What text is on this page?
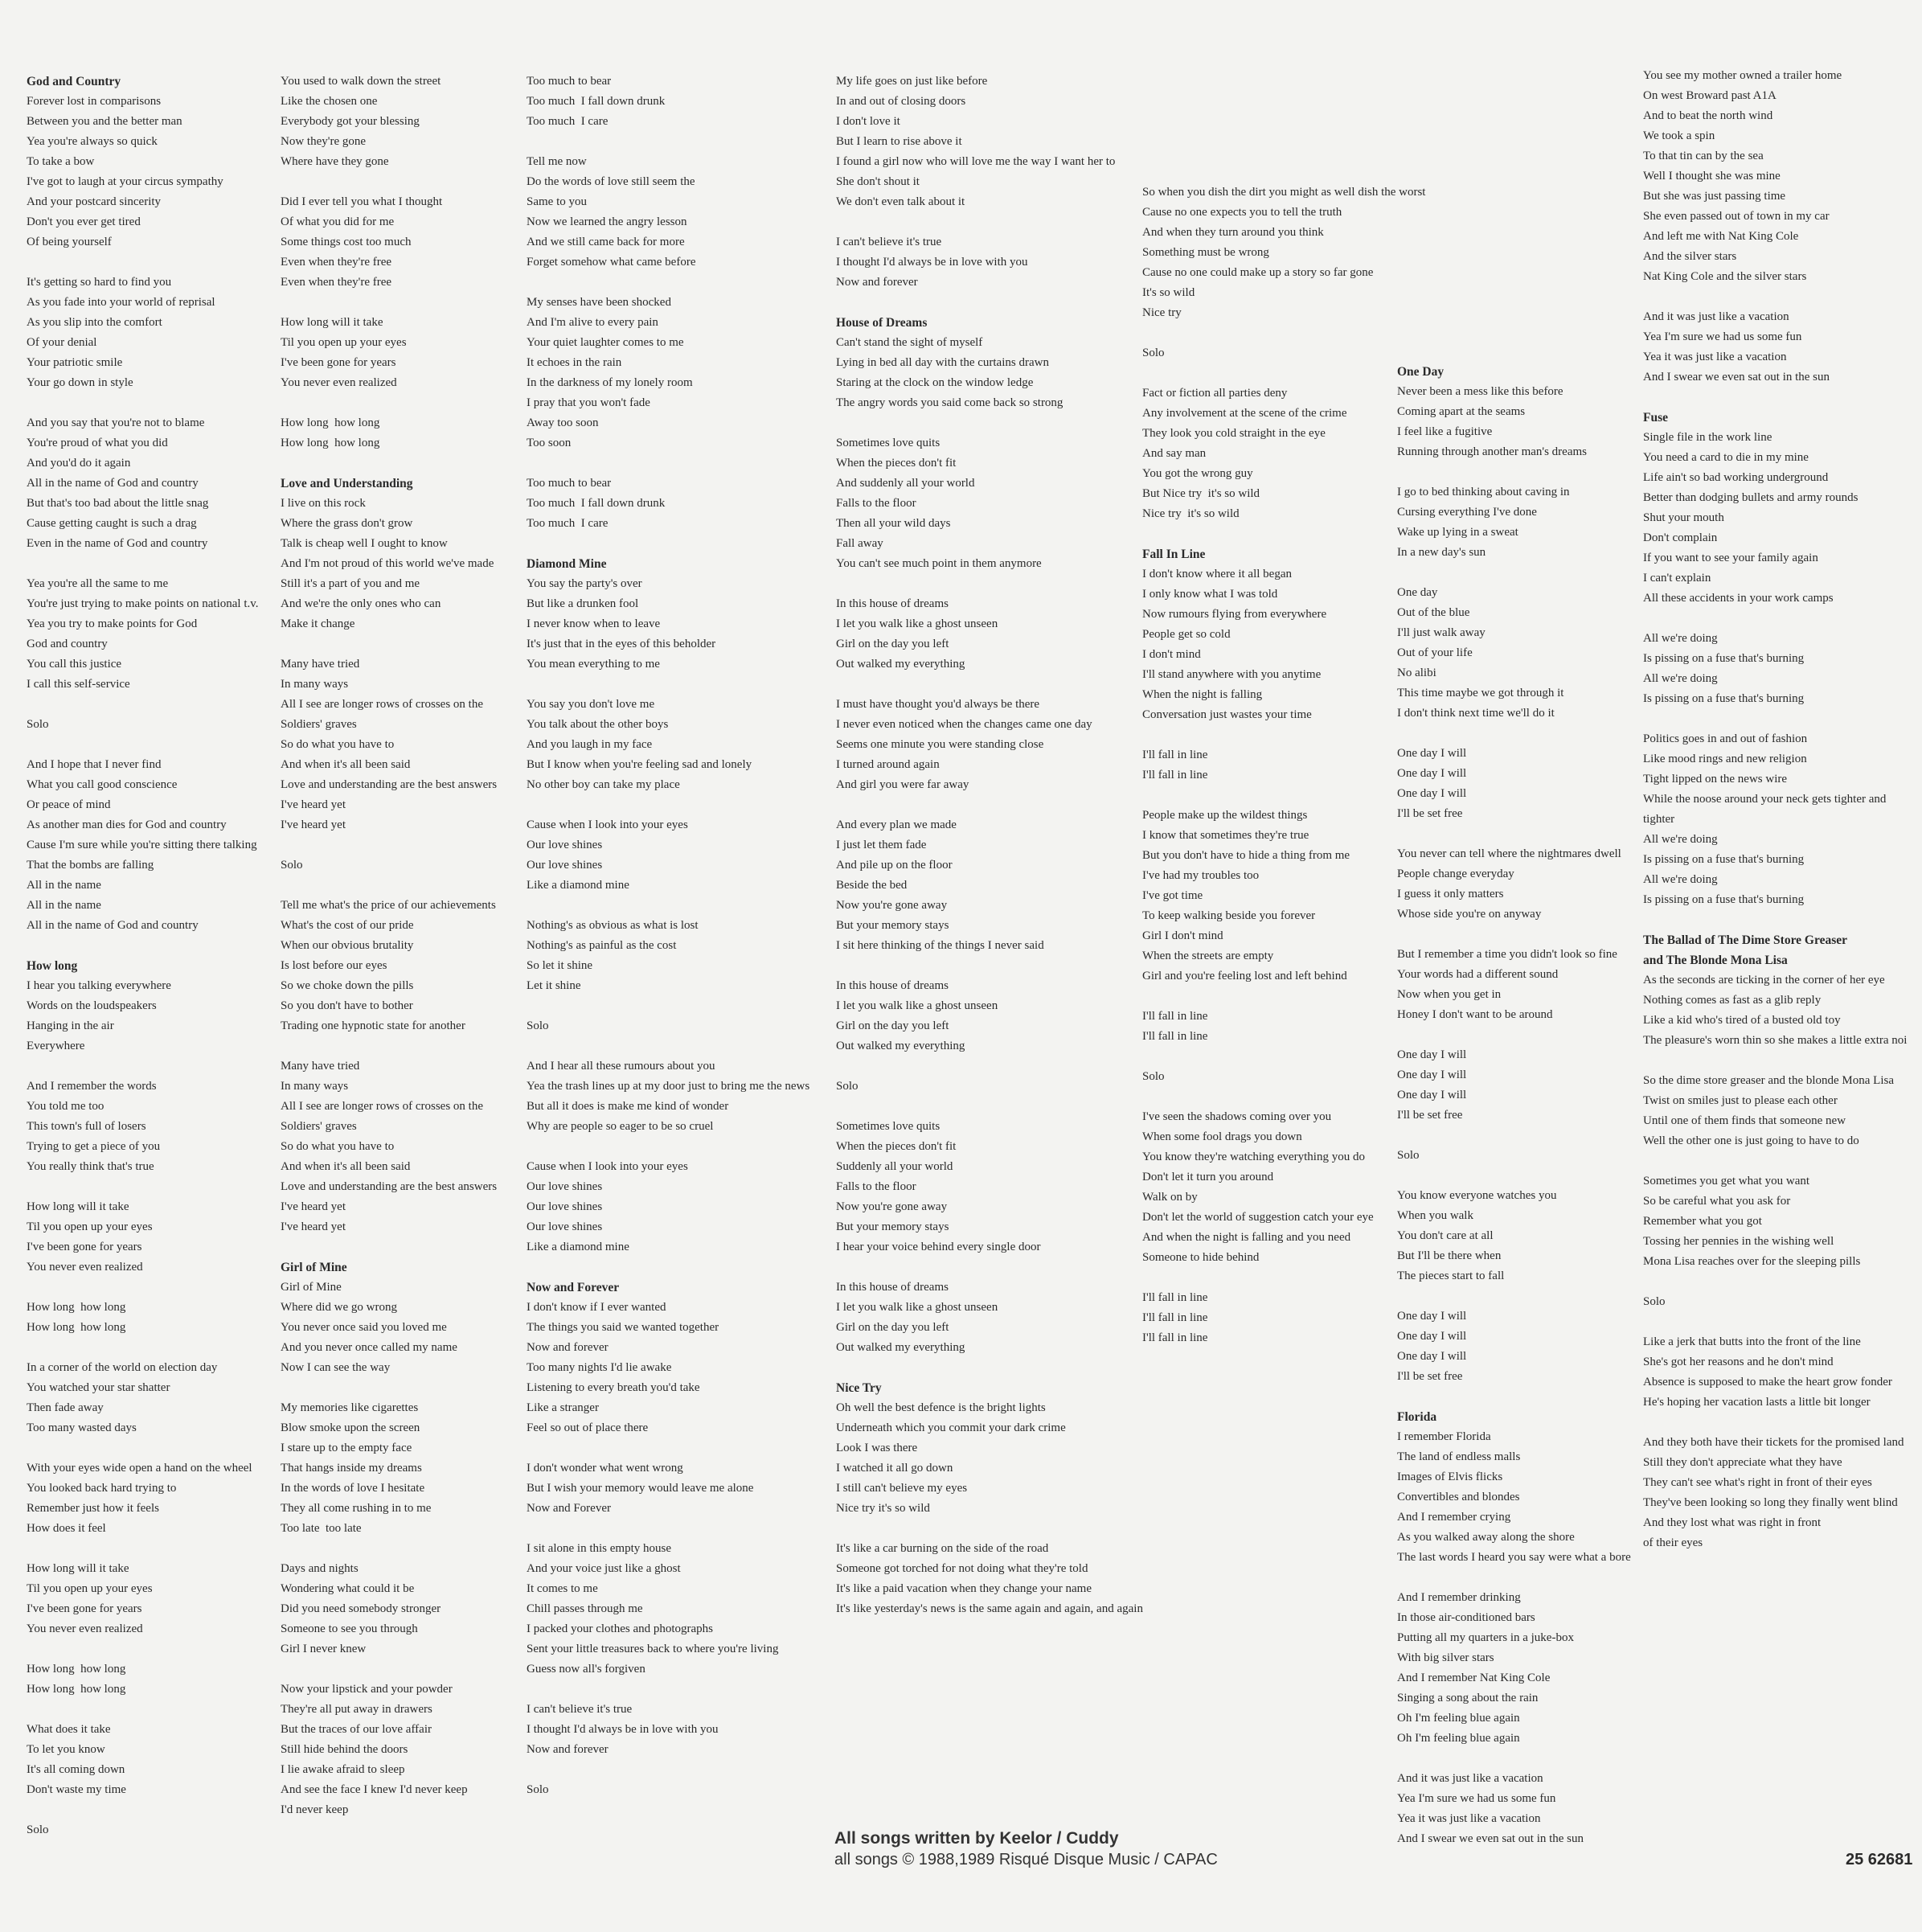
God and Country
Forever lost in comparisons
Between you and the better man
Yea you're always so quick
To take a bow
I've got to laugh at your circus sympathy
And your postcard sincerity
Don't you ever get tired
Of being yourself
It's getting so hard to find you
As you fade into your world of reprisal
As you slip into the comfort
Of your denial
Your patriotic smile
Your go down in style
And you say that you're not to blame
You're proud of what you did
And you'd do it again
All in the name of God and country
But that's too bad about the little snag
Cause getting caught is such a drag
Even in the name of God and country
Yea you're all the same to me
You're just trying to make points on national t.v.
Yea you try to make points for God
God and country
You call this justice
I call this self-service
Solo
And I hope that I never find
What you call good conscience
Or peace of mind
As another man dies for God and country
Cause I'm sure while you're sitting there talking
That the bombs are falling
All in the name
All in the name
All in the name of God and country
How long
I hear you talking everywhere
Words on the loudspeakers
Hanging in the air
Everywhere
And I remember the words
You told me too
This town's full of losers
Trying to get a piece of you
You really think that's true
How long will it take
Til you open up your eyes
I've been gone for years
You never even realized
How long  how long
How long  how long
In a corner of the world on election day
You watched your star shatter
Then fade away
Too many wasted days
With your eyes wide open a hand on the wheel
You looked back hard trying to
Remember just how it feels
How does it feel
How long will it take
Til you open up your eyes
I've been gone for years
You never even realized
How long  how long
How long  how long
What does it take
To let you know
It's all coming down
Don't waste my time
Solo
You used to walk down the street
Like the chosen one
Everybody got your blessing
Now they're gone
Where have they gone
Did I ever tell you what I thought
Of what you did for me
Some things cost too much
Even when they're free
Even when they're free
How long will it take
Til you open up your eyes
I've been gone for years
You never even realized
How long  how long
How long  how long
Love and Understanding
I live on this rock
Where the grass don't grow
Talk is cheap well I ought to know
And I'm not proud of this world we've made
Still it's a part of you and me
And we're the only ones who can
Make it change
Many have tried
In many ways
All I see are longer rows of crosses on the
Soldiers' graves
So do what you have to
And when it's all been said
Love and understanding are the best answers
I've heard yet
I've heard yet
Solo
Tell me what's the price of our achievements
What's the cost of our pride
When our obvious brutality
Is lost before our eyes
So we choke down the pills
So you don't have to bother
Trading one hypnotic state for another
Many have tried
In many ways
All I see are longer rows of crosses on the
Soldiers' graves
So do what you have to
And when it's all been said
Love and understanding are the best answers
I've heard yet
I've heard yet
Girl of Mine
Girl of Mine
Where did we go wrong
You never once said you loved me
And you never once called my name
Now I can see the way
My memories like cigarettes
Blow smoke upon the screen
I stare up to the empty face
That hangs inside my dreams
In the words of love I hesitate
They all come rushing in to me
Too late  too late
Days and nights
Wondering what could it be
Did you need somebody stronger
Someone to see you through
Girl I never knew
Now your lipstick and your powder
They're all put away in drawers
But the traces of our love affair
Still hide behind the doors
I lie awake afraid to sleep
And see the face I knew I'd never keep
I'd never keep
Too much to bear
Too much  I fall down drunk
Too much  I care
Tell me now
Do the words of love still seem the
Same to you
Now we learned the angry lesson
And we still came back for more
Forget somehow what came before
My senses have been shocked
And I'm alive to every pain
Your quiet laughter comes to me
It echoes in the rain
In the darkness of my lonely room
I pray that you won't fade
Away too soon
Too soon
Too much to bear
Too much  I fall down drunk
Too much  I care
Diamond Mine
You say the party's over
But like a drunken fool
I never know when to leave
It's just that in the eyes of this beholder
You mean everything to me
You say you don't love me
You talk about the other boys
And you laugh in my face
But I know when you're feeling sad and lonely
No other boy can take my place
Cause when I look into your eyes
Our love shines
Our love shines
Like a diamond mine
Nothing's as obvious as what is lost
Nothing's as painful as the cost
So let it shine
Let it shine
Solo
And I hear all these rumours about you
Yea the trash lines up at my door just to bring me the news
But all it does is make me kind of wonder
Why are people so eager to be so cruel
Cause when I look into your eyes
Our love shines
Our love shines
Our love shines
Like a diamond mine
Now and Forever
I don't know if I ever wanted
The things you said we wanted together
Now and forever
Too many nights I'd lie awake
Listening to every breath you'd take
Like a stranger
Feel so out of place there
I don't wonder what went wrong
But I wish your memory would leave me alone
Now and Forever
I sit alone in this empty house
And your voice just like a ghost
It comes to me
Chill passes through me
I packed your clothes and photographs
Sent your little treasures back to where you're living
Guess now all's forgiven
I can't believe it's true
I thought I'd always be in love with you
Now and forever
Solo
My life goes on just like before
In and out of closing doors
I don't love it
But I learn to rise above it
I found a girl now who will love me the way I want her to
She don't shout it
We don't even talk about it
I can't believe it's true
I thought I'd always be in love with you
Now and forever
House of Dreams
Can't stand the sight of myself
Lying in bed all day with the curtains drawn
Staring at the clock on the window ledge
The angry words you said come back so strong
Sometimes love quits
When the pieces don't fit
And suddenly all your world
Falls to the floor
Then all your wild days
Fall away
You can't see much point in them anymore
In this house of dreams
I let you walk like a ghost unseen
Girl on the day you left
Out walked my everything
I must have thought you'd always be there
I never even noticed when the changes came one day
Seems one minute you were standing close
I turned around again
And girl you were far away
And every plan we made
I just let them fade
And pile up on the floor
Beside the bed
Now you're gone away
But your memory stays
I sit here thinking of the things I never said
In this house of dreams
I let you walk like a ghost unseen
Girl on the day you left
Out walked my everything
Solo
Sometimes love quits
When the pieces don't fit
Suddenly all your world
Falls to the floor
Now you're gone away
But your memory stays
I hear your voice behind every single door
In this house of dreams
I let you walk like a ghost unseen
Girl on the day you left
Out walked my everything
Nice Try
Oh well the best defence is the bright lights
Underneath which you commit your dark crime
Look I was there
I watched it all go down
I still can't believe my eyes
Nice try it's so wild
It's like a car burning on the side of the road
Someone got torched for not doing what they're told
It's like a paid vacation when they change your name
It's like yesterday's news is the same again and again, and again
So when you dish the dirt you might as well dish the worst
Cause no one expects you to tell the truth
And when they turn around you think
Something must be wrong
Cause no one could make up a story so far gone
It's so wild
Nice try
Solo
Fact or fiction all parties deny
Any involvement at the scene of the crime
They look you cold straight in the eye
And say man
You got the wrong guy
But Nice try  it's so wild
Nice try  it's so wild
Fall In Line
I don't know where it all began
I only know what I was told
Now rumours flying from everywhere
People get so cold
I don't mind
I'll stand anywhere with you anytime
When the night is falling
Conversation just wastes your time
I'll fall in line
I'll fall in line
People make up the wildest things
I know that sometimes they're true
But you don't have to hide a thing from me
I've had my troubles too
I've got time
To keep walking beside you forever
Girl I don't mind
When the streets are empty
Girl and you're feeling lost and left behind
I'll fall in line
I'll fall in line
Solo
I've seen the shadows coming over you
When some fool drags you down
You know they're watching everything you do
Don't let it turn you around
Walk on by
Don't let the world of suggestion catch your eye
And when the night is falling and you need
Someone to hide behind
I'll fall in line
I'll fall in line
I'll fall in line
One Day
Never been a mess like this before
Coming apart at the seams
I feel like a fugitive
Running through another man's dreams
I go to bed thinking about caving in
Cursing everything I've done
Wake up lying in a sweat
In a new day's sun
One day
Out of the blue
I'll just walk away
Out of your life
No alibi
This time maybe we got through it
I don't think next time we'll do it
One day I will
One day I will
One day I will
I'll be set free
You never can tell where the nightmares dwell
People change everyday
I guess it only matters
Whose side you're on anyway
But I remember a time you didn't look so fine
Your words had a different sound
Now when you get in
Honey I don't want to be around
One day I will
One day I will
One day I will
I'll be set free
Solo
You know everyone watches you
When you walk
You don't care at all
But I'll be there when
The pieces start to fall
One day I will
One day I will
One day I will
I'll be set free
Florida
I remember Florida
The land of endless malls
Images of Elvis flicks
Convertibles and blondes
And I remember crying
As you walked away along the shore
The last words I heard you say were what a bore
And I remember drinking
In those air-conditioned bars
Putting all my quarters in a juke-box
With big silver stars
And I remember Nat King Cole
Singing a song about the rain
Oh I'm feeling blue again
Oh I'm feeling blue again
And it was just like a vacation
Yea I'm sure we had us some fun
Yea it was just like a vacation
And I swear we even sat out in the sun
You see my mother owned a trailer home
On west Broward past A1A
And to beat the north wind
We took a spin
To that tin can by the sea
Well I thought she was mine
But she was just passing time
She even passed out of town in my car
And left me with Nat King Cole
And the silver stars
Nat King Cole and the silver stars
And it was just like a vacation
Yea I'm sure we had us some fun
Yea it was just like a vacation
And I swear we even sat out in the sun
Fuse
Single file in the work line
You need a card to die in my mine
Life ain't so bad working underground
Better than dodging bullets and army rounds
Shut your mouth
Don't complain
If you want to see your family again
I can't explain
All these accidents in your work camps
All we're doing
Is pissing on a fuse that's burning
All we're doing
Is pissing on a fuse that's burning
Politics goes in and out of fashion
Like mood rings and new religion
Tight lipped on the news wire
While the noose around your neck gets tighter and
tighter
All we're doing
Is pissing on a fuse that's burning
All we're doing
Is pissing on a fuse that's burning
The Ballad of The Dime Store Greaser
and The Blonde Mona Lisa
As the seconds are ticking in the corner of her eye
Nothing comes as fast as a glib reply
Like a kid who's tired of a busted old toy
The pleasure's worn thin so she makes a little extra noi
So the dime store greaser and the blonde Mona Lisa
Twist on smiles just to please each other
Until one of them finds that someone new
Well the other one is just going to have to do
Sometimes you get what you want
So be careful what you ask for
Remember what you got
Tossing her pennies in the wishing well
Mona Lisa reaches over for the sleeping pills
Solo
Like a jerk that butts into the front of the line
She's got her reasons and he don't mind
Absence is supposed to make the heart grow fonder
He's hoping her vacation lasts a little bit longer
And they both have their tickets for the promised land
Still they don't appreciate what they have
They can't see what's right in front of their eyes
They've been looking so long they finally went blind
And they lost what was right in front
of their eyes
All songs written by Keelor / Cuddy
all songs © 1988,1989 Risqué Disque Music / CAPAC	25 62681
